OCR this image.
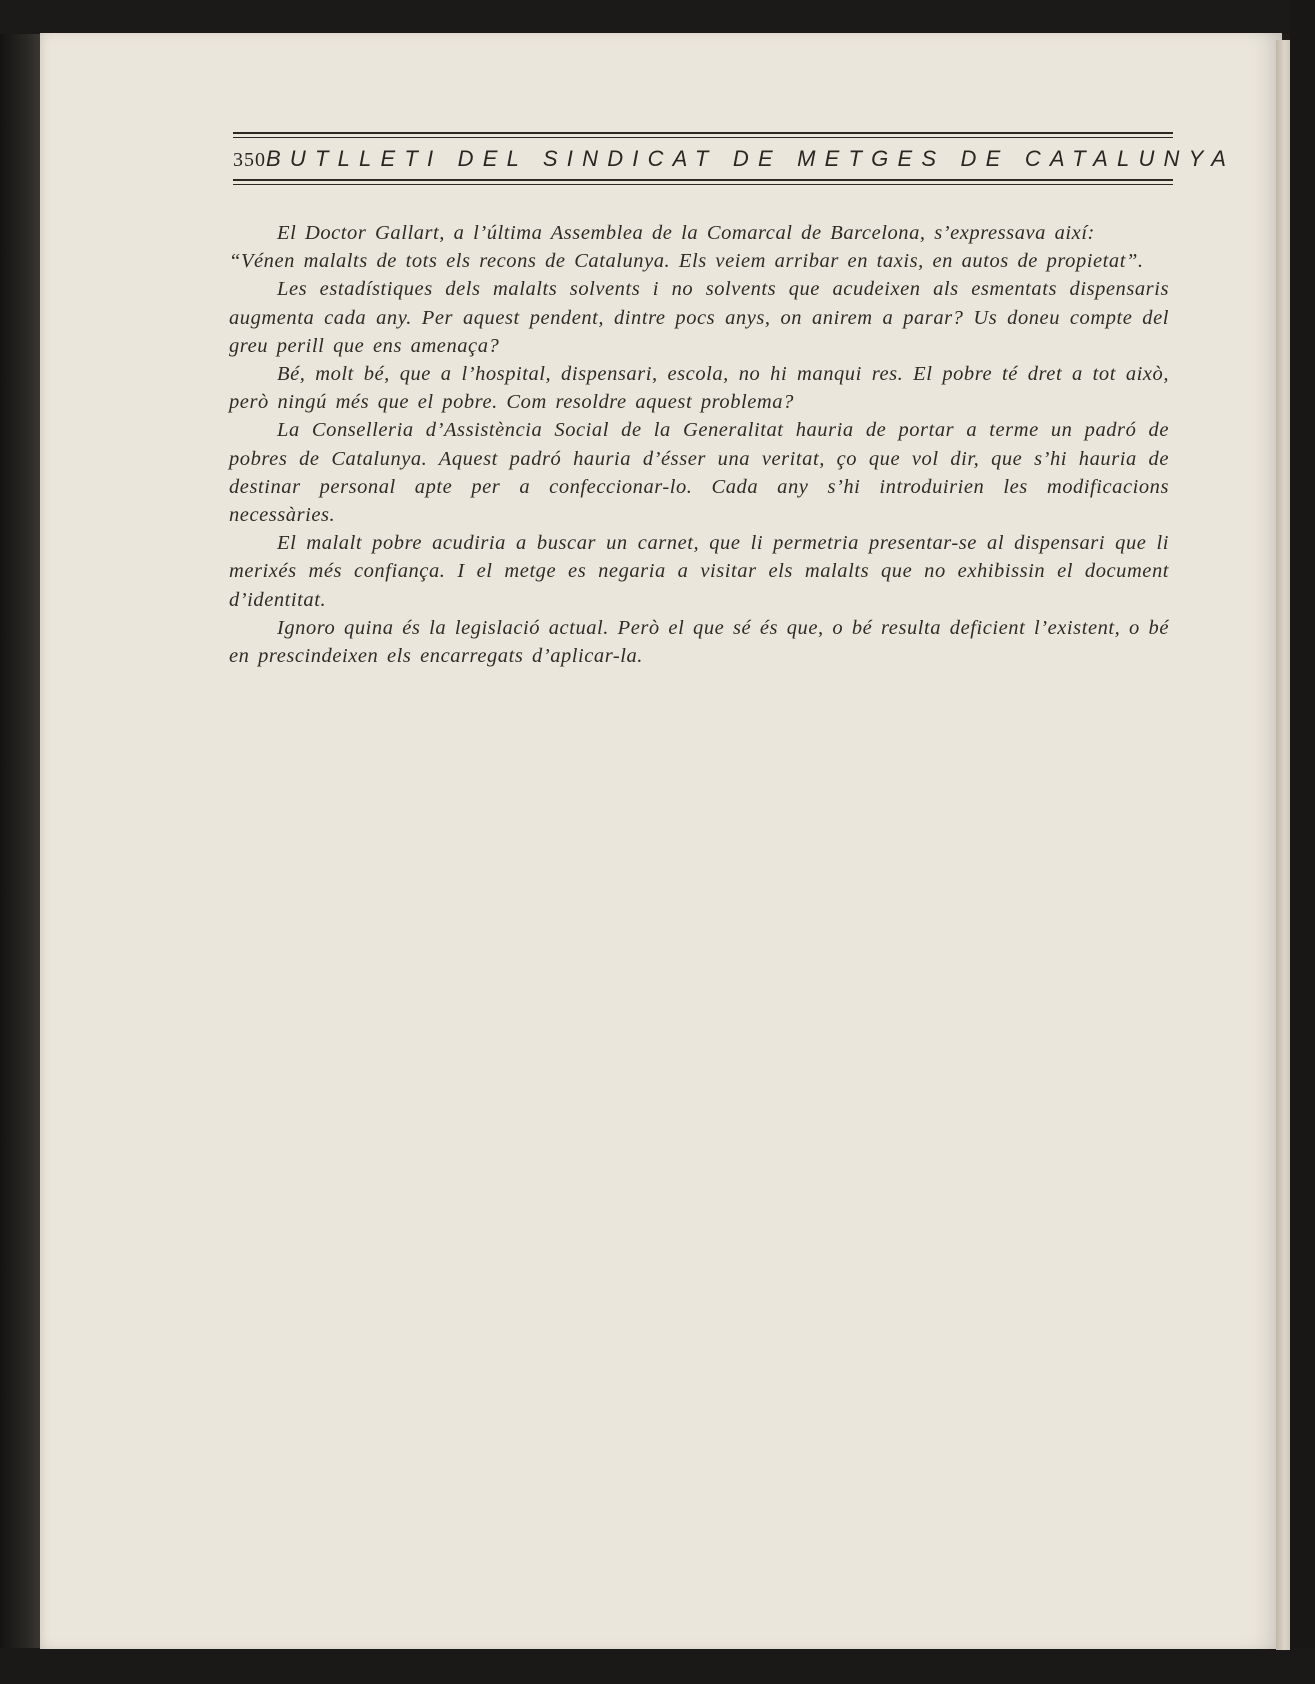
350 BUTLLETI DEL SINDICAT DE METGES DE CATALUNYA

El Doctor Gallart, a l’última Assemblea de la Comarcal de Barcelona, s’expressava així:

“Vénen malalts de tots els recons de Catalunya. Els veiem arribar en taxis, en autos de propietat”.

Les estadístiques dels malalts solvents i no solvents que acudeixen als esmentats dispensaris augmenta cada any. Per aquest pendent, dintre pocs anys, on anirem a parar? Us doneu compte del greu perill que ens amenaça?

Bé, molt bé, que a l’hospital, dispensari, escola, no hi manqui res. El pobre té dret a tot això, però ningú més que el pobre. Com resoldre aquest problema?

La Conselleria d’Assistència Social de la Generalitat hauria de portar a terme un padró de pobres de Catalunya. Aquest padró hauria d’ésser una veritat, ço que vol dir, que s’hi hauria de destinar personal apte per a confeccionar-lo. Cada any s’hi introduirien les modificacions necessàries.

El malalt pobre acudiria a buscar un carnet, que li permetria presentar-se al dispensari que li merixés més confiança. I el metge es negaria a visitar els malalts que no exhibissin el document d’identitat.

Ignoro quina és la legislació actual. Però el que sé és que, o bé resulta deficient l’existent, o bé en prescindeixen els encarregats d’aplicar-la.
